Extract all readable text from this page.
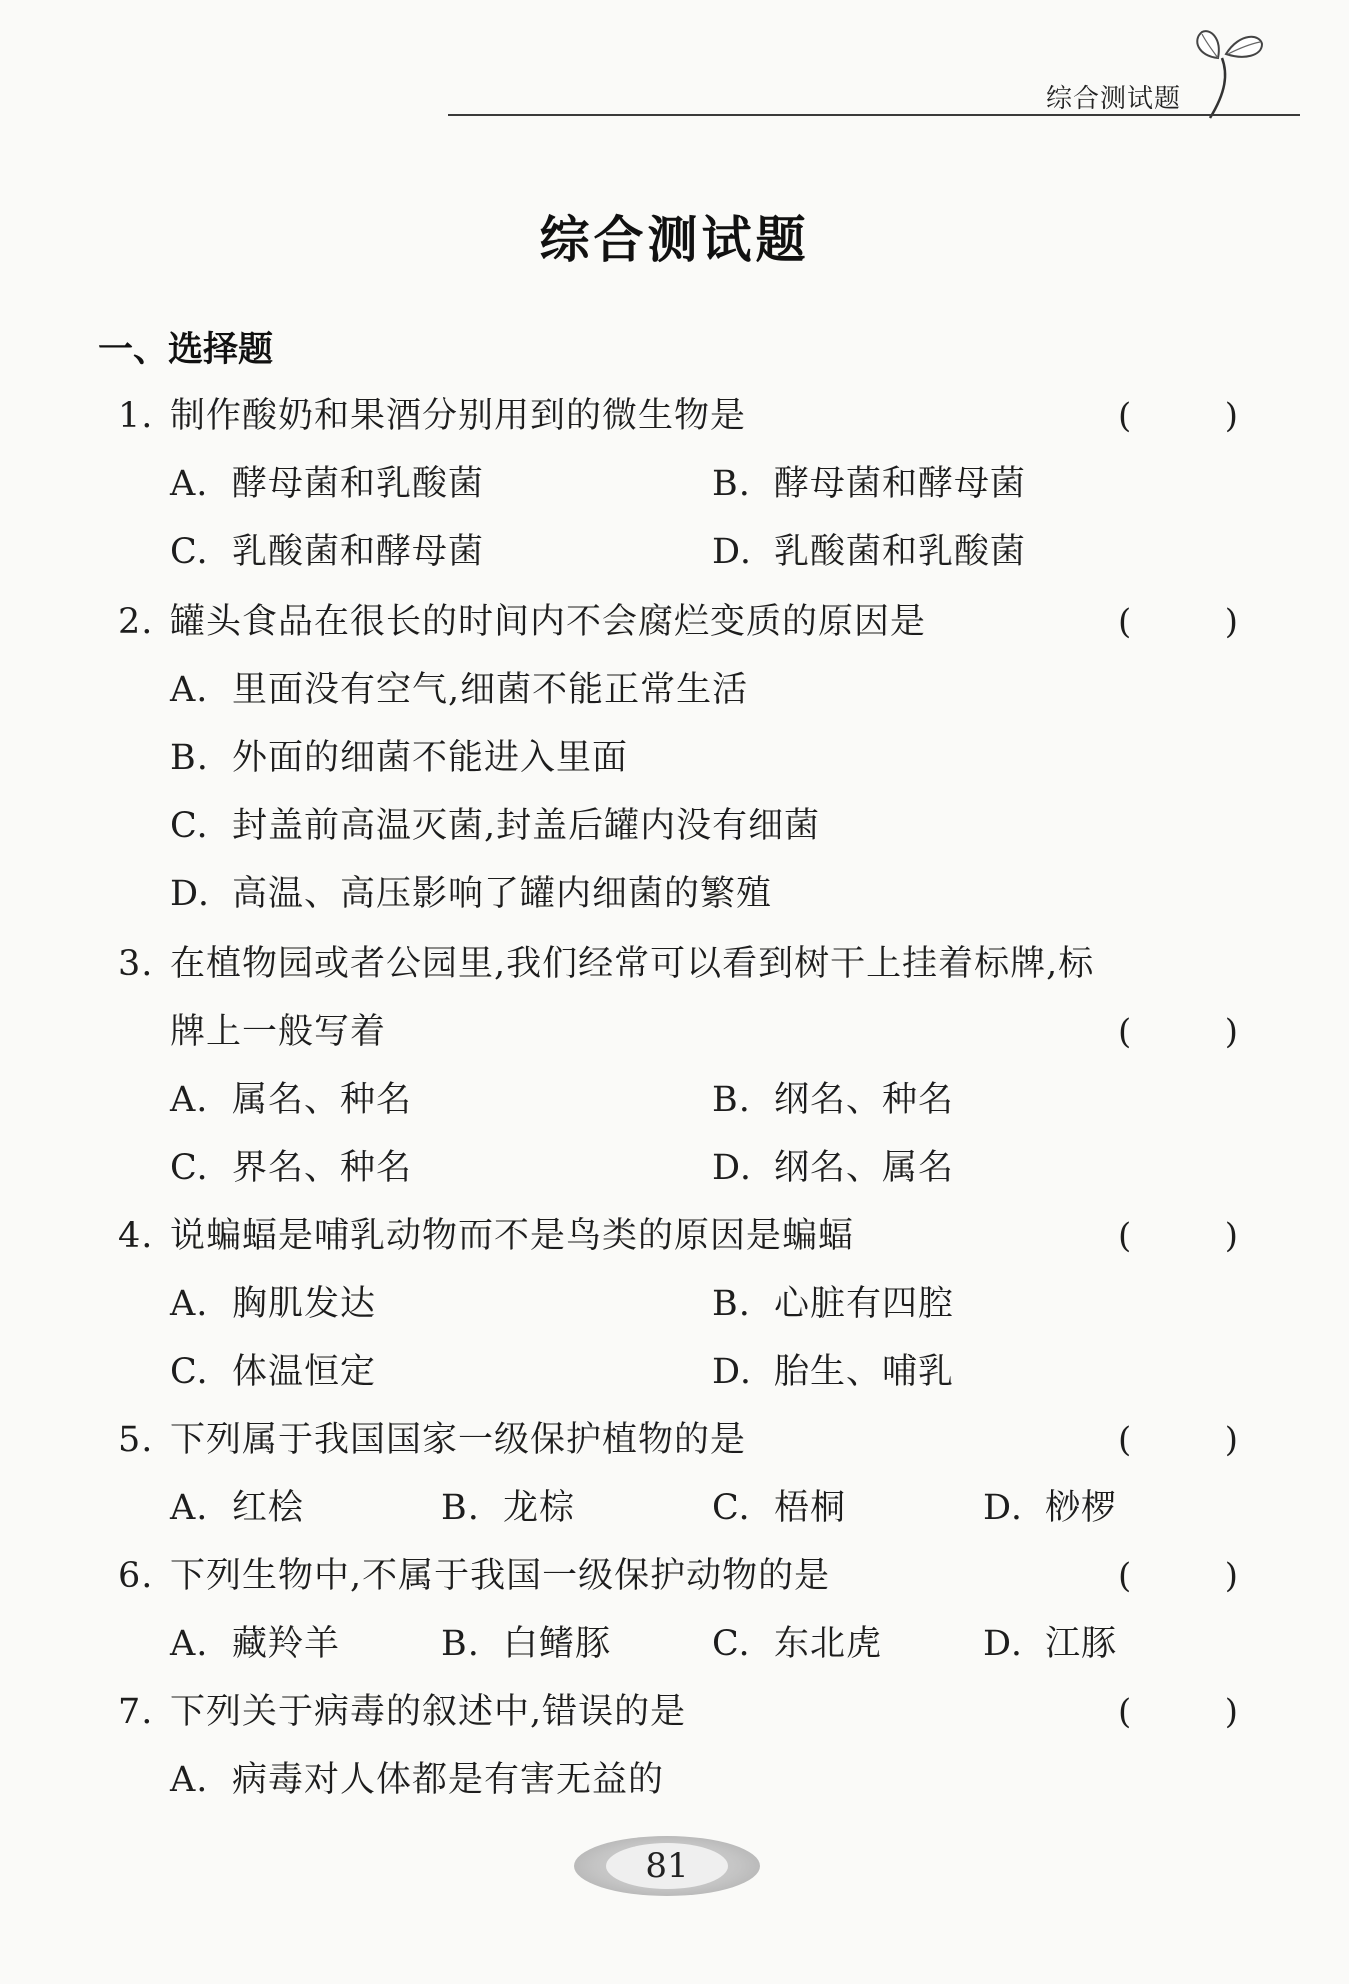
综合测试题
综合测试题
一、选择题
1. 制作酸奶和果酒分别用到的微生物是	(	)
A. 酵母菌和乳酸菌	B. 酵母菌和酵母菌
C. 乳酸菌和酵母菌	D. 乳酸菌和乳酸菌
2. 罐头食品在很长的时间内不会腐烂变质的原因是	(	)
A. 里面没有空气,细菌不能正常生活
B. 外面的细菌不能进入里面
C. 封盖前高温灭菌,封盖后罐内没有细菌
D. 高温、高压影响了罐内细菌的繁殖
3. 在植物园或者公园里,我们经常可以看到树干上挂着标牌,标
牌上一般写着	(	)
A. 属名、种名	B. 纲名、种名
C. 界名、种名	D. 纲名、属名
4. 说蝙蝠是哺乳动物而不是鸟类的原因是蝙蝠	(	)
A. 胸肌发达	B. 心脏有四腔
C. 体温恒定	D. 胎生、哺乳
5. 下列属于我国国家一级保护植物的是	(	)
A. 红桧	B. 龙棕	C. 梧桐	D. 桫椤
6. 下列生物中,不属于我国一级保护动物的是	(	)
A. 藏羚羊	B. 白鳍豚	C. 东北虎	D. 江豚
7. 下列关于病毒的叙述中,错误的是	(	)
A. 病毒对人体都是有害无益的
81
